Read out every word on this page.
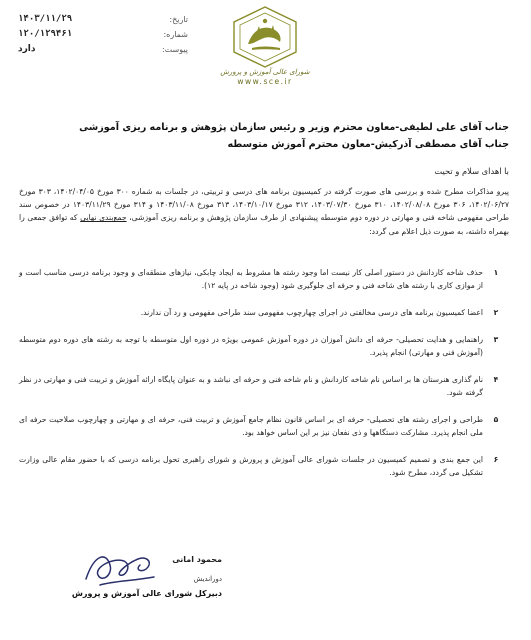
تاریخ:
۱۴۰۳/۱۱/۲۹
شماره:
۱۲۰/۱۲۹۴۶۱
پیوست:
دارد
شورای عالی آموزش و پرورش
www.sce.ir
جناب آقای علی لطیفی-معاون محترم وزیر و رئیس سازمان پژوهش و برنامه ریزی آموزشی
جناب آقای مصطفی آذرکیش-معاون محترم آموزش متوسطه
با اهدای سلام و تحیت

پیرو مذاکرات مطرح شده و بررسی های صورت گرفته در کمیسیون برنامه های درسی و تربیتی، در جلسات به شماره ۳۰۰ مورخ ۱۴۰۲/۰۴/۰۵، ۳۰۳ مورخ ۱۴۰۲/۰۶/۲۷، ۳۰۶ مورخ ۱۴۰۲/۰۸/۰۸، ۳۱۰ مورخ ۱۴۰۳/۰۷/۳۰، ۳۱۲ مورخ ۱۴۰۳/۱۰/۱۷، ۳۱۳ مورخ ۱۴۰۳/۱۱/۰۸ و ۳۱۴ مورخ ۱۴۰۳/۱۱/۲۹ در خصوص سند طراحی مفهومی شاخه فنی و مهارتی در دوره دوم متوسطه پیشنهادی از طرف سازمان پژوهش و برنامه ریزی آموزشی، جمع‌بندی نهایی که توافق جمعی را بهمراه داشته، به صورت ذیل اعلام می گردد:

۱
حذف شاخه کاردانش در دستور اصلی کار نیست اما وجود رشته ها مشروط به ایجاد چابکی، نیازهای منطقه‌ای و وجود برنامه درسی مناسب است و از موازی کاری با رشته های شاخه فنی و حرفه ای جلوگیری شود (وجود شاخه در پایه ۱۲).
۲
اعضا کمیسیون برنامه های درسی مخالفتی در اجرای چهارچوب مفهومی سند طراحی مفهومی و رد آن ندارند.
۳
راهنمایی و هدایت تحصیلی- حرفه ای دانش آموزان در دوره آموزش عمومی بویژه در دوره اول متوسطه با توجه به رشته های دوره دوم متوسطه (آموزش فنی و مهارتی) انجام پذیرد.
۴
نام گذاری هنرستان ها بر اساس نام شاخه کاردانش و نام شاخه فنی و حرفه ای نباشد و به عنوان پایگاه ارائه آموزش و تربیت فنی و مهارتی در نظر گرفته شود.
۵
طراحی و اجرای رشته های تحصیلی- حرفه ای بر اساس قانون نظام جامع آموزش و تربیت فنی، حرفه ای و مهارتی و چهارچوب صلاحیت حرفه ای ملی انجام پذیرد. مشارکت دستگاهها و ذی نفعان نیز بر این اساس خواهد بود.
۶
این جمع بندی و تصمیم کمیسیون در جلسات شورای عالی آموزش و پرورش و شورای راهبری تحول برنامه درسی که با حضور مقام عالی وزارت تشکیل می گردد، مطرح شود.
محمود امانی
دوراندیش
دبیرکل شورای عالی آموزش و پرورش
